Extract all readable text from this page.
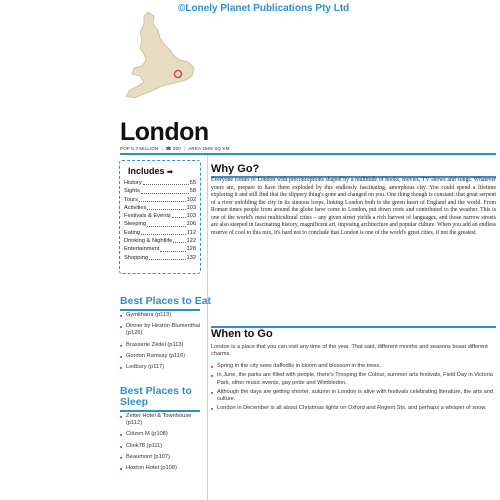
©Lonely Planet Publications Pty Ltd
London
POP 8.7 MILLION | ☎ 020 | AREA 1569 SQ KM
Includes ➡
History	55
Sights	58
Tours	102
Activities	103
Festivals & Events	103
Sleeping	106
Eating	112
Drinking & Nightlife 122
Entertainment	128
Shopping	132
Best Places to Eat
■ Gymkhana (p113)
■ Dinner by Heston Blumenthal (p126)
■ Brasserie Zédel (p113)
■ Gordon Ramsay (p116)
■ Ledbury (p117)
Best Places to
Sleep
■ Zetter Hotel & Townhouse (p112)
■ Citizen M (p108)
■ Clink78 (p111)
■ Beaumont (p107)
■ Hoxton Hotel (p108)
Why Go?
Everyone comes to London with preconceptions shaped by a multitude of books, movies, TV shows and songs. Whatever yours are, prepare to have them exploded by this endlessly fascinating, amorphous city. You could spend a lifetime exploring it and still find that the slippery thing's gone and changed on you. One thing though is constant: that great serpent of a river enfolding the city in its sinuous loops, linking London both to the green heart of England and the world. From Roman times people from around the globe have come to London, put down roots and contributed to the weather. This is one of the world's most multicultural cities – any given street yields a rich harvest of languages, and those narrow streets are also steeped in fascinating history, magnificent art, imposing architecture and popular culture. When you add an endless reserve of cool to this mix, it's hard not to conclude that London is one of the world's great cities, if not the greatest.
When to Go
London is a place that you can visit any time of the year. That said, different months and seasons boast different charms.
■ Spring in the city sees daffodils in bloom and blossom in the trees.
■ In June, the parks are filled with people, there's Trooping the Colour, summer arts festivals, Field Day in Victoria Park, other music events, gay pride and Wimbledon.
■ Although the days are getting shorter, autumn in London is alive with festivals celebrating literature, the arts and culture.
■ London in December is all about Christmas lights on Oxford and Regent Sts, and perhaps a whisper of snow.
